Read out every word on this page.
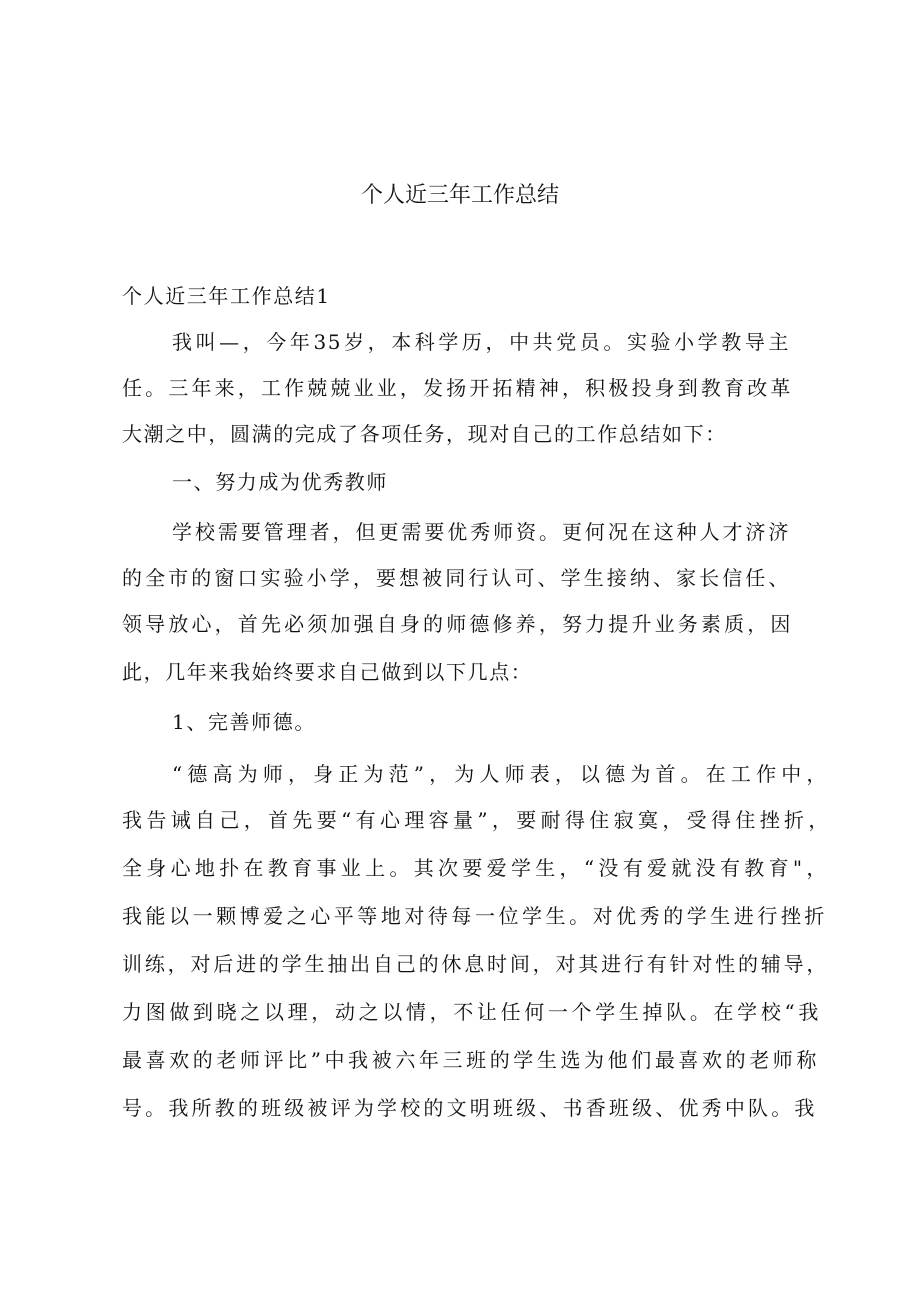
个人近三年工作总结
个人近三年工作总结1
我叫—，今年35岁，本科学历，中共党员。实验小学教导主
任。三年来，工作兢兢业业，发扬开拓精神，积极投身到教育改革
大潮之中，圆满的完成了各项任务，现对自己的工作总结如下：
一、努力成为优秀教师
学校需要管理者，但更需要优秀师资。更何况在这种人才济济
的全市的窗口实验小学，要想被同行认可、学生接纳、家长信任、
领导放心，首先必须加强自身的师德修养，努力提升业务素质，因
此，几年来我始终要求自己做到以下几点：
1、完善师德。
“德高为师，身正为范”，为人师表，以德为首。在工作中，
我告诫自己，首先要“有心理容量”，要耐得住寂寞，受得住挫折，
全身心地扑在教育事业上。其次要爱学生，“没有爱就没有教育"，
我能以一颗博爱之心平等地对待每一位学生。对优秀的学生进行挫折
训练，对后进的学生抽出自己的休息时间，对其进行有针对性的辅导，
力图做到晓之以理，动之以情，不让任何一个学生掉队。在学校“我
最喜欢的老师评比”中我被六年三班的学生选为他们最喜欢的老师称
号。我所教的班级被评为学校的文明班级、书香班级、优秀中队。我
